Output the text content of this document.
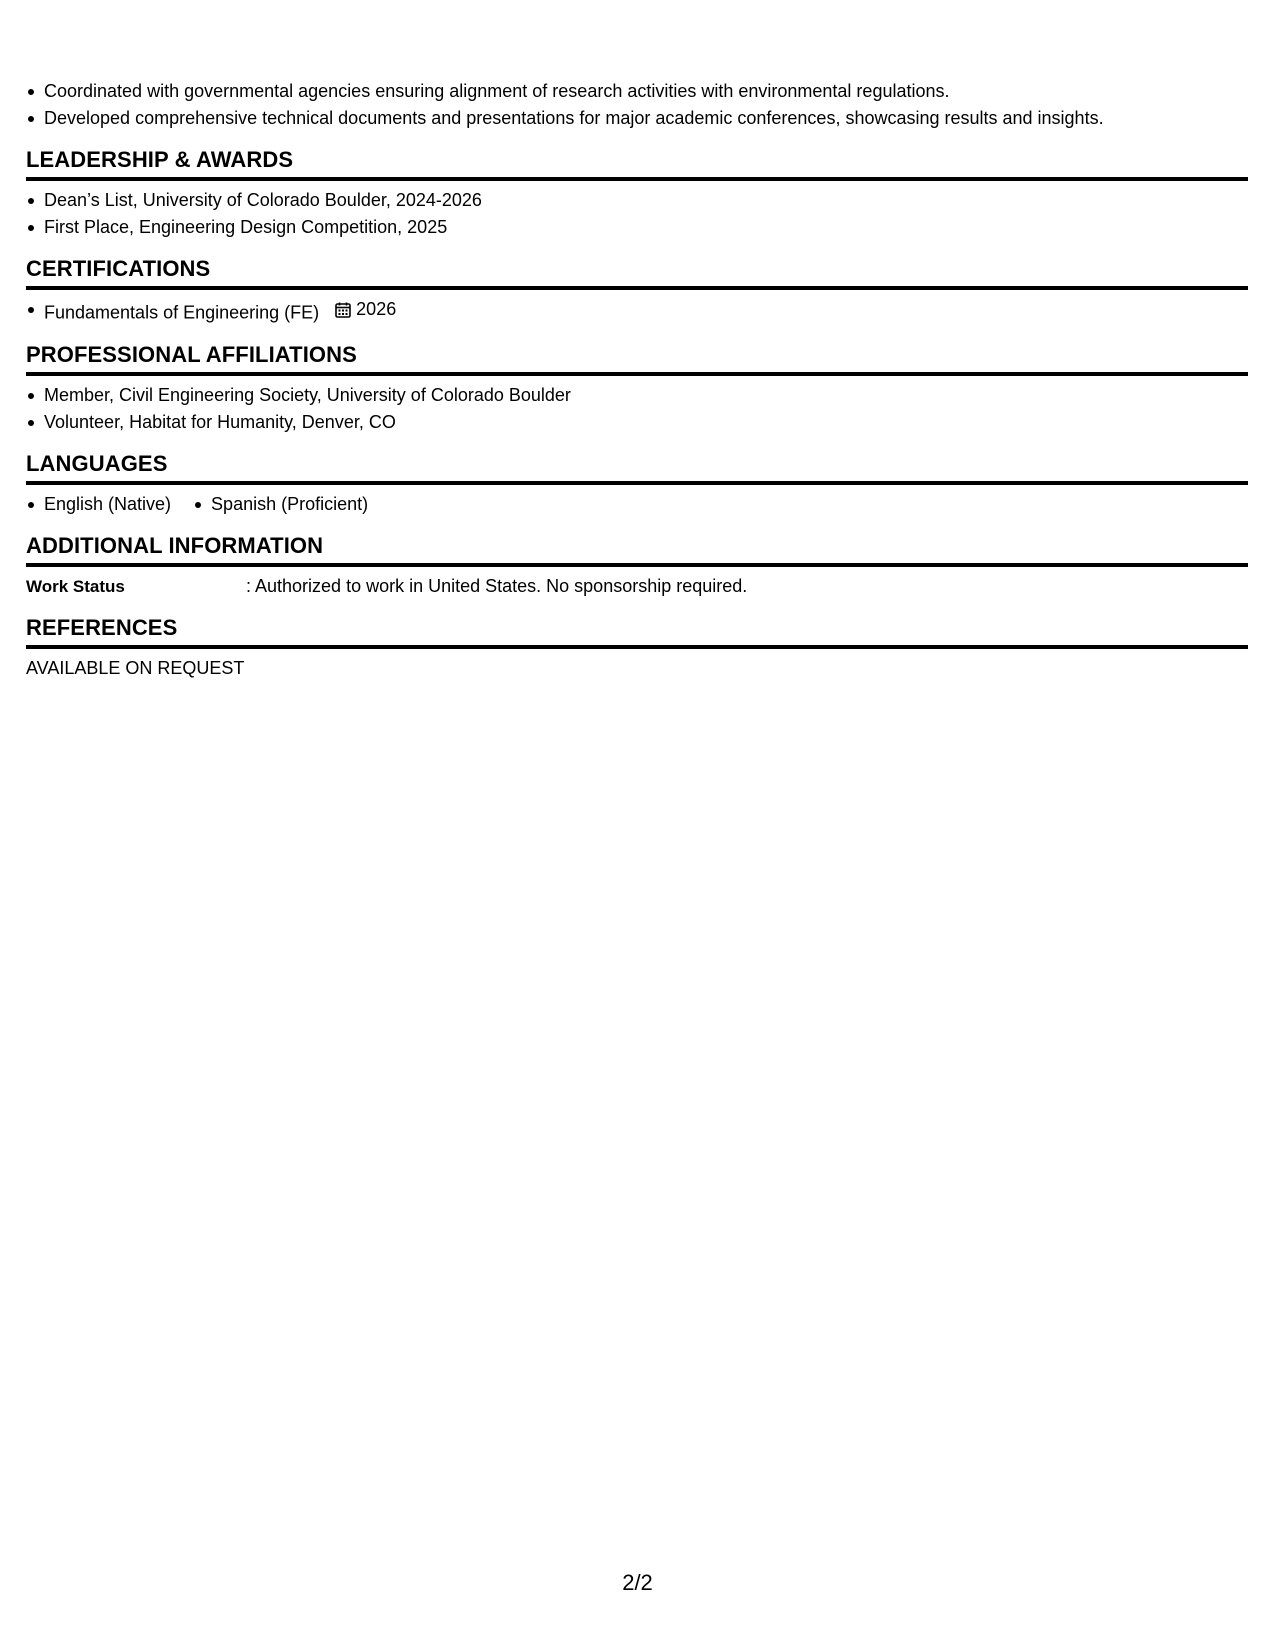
Coordinated with governmental agencies ensuring alignment of research activities with environmental regulations.
Developed comprehensive technical documents and presentations for major academic conferences, showcasing results and insights.
LEADERSHIP & AWARDS
Dean’s List, University of Colorado Boulder, 2024-2026
First Place, Engineering Design Competition, 2025
CERTIFICATIONS
Fundamentals of Engineering (FE) 2026
PROFESSIONAL AFFILIATIONS
Member, Civil Engineering Society, University of Colorado Boulder
Volunteer, Habitat for Humanity, Denver, CO
LANGUAGES
English (Native)	Spanish (Proficient)
ADDITIONAL INFORMATION
Work Status	: Authorized to work in United States. No sponsorship required.
REFERENCES
AVAILABLE ON REQUEST
2/2
